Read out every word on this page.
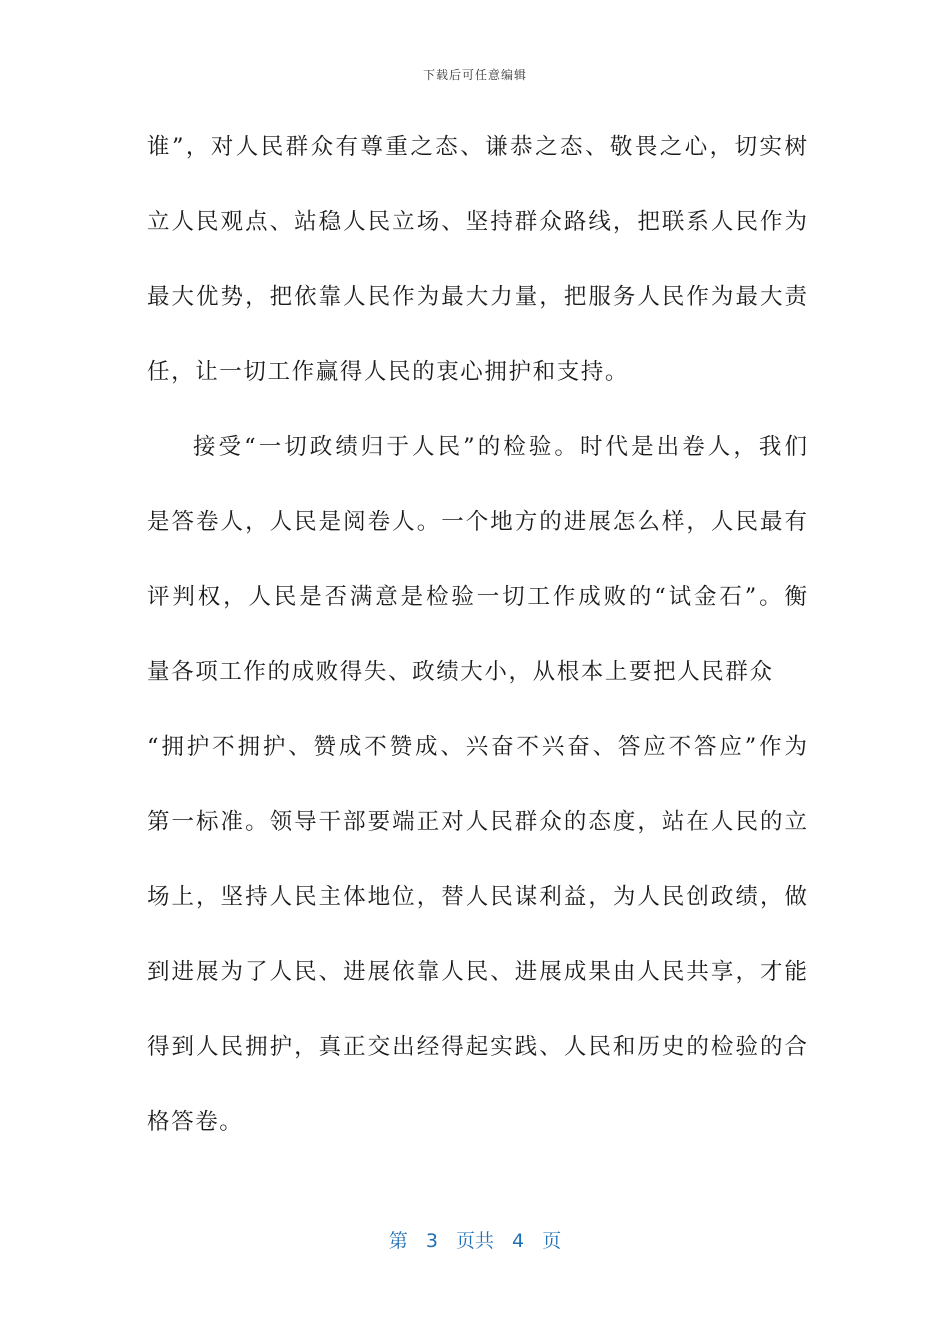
下载后可任意编辑
谁”，对人民群众有尊重之态、谦恭之态、敬畏之心，切实树
立人民观点、站稳人民立场、坚持群众路线，把联系人民作为
最大优势，把依靠人民作为最大力量，把服务人民作为最大责
任，让一切工作赢得人民的衷心拥护和支持。
接受“一切政绩归于人民”的检验。时代是出卷人，我们
是答卷人，人民是阅卷人。一个地方的进展怎么样，人民最有
评判权，人民是否满意是检验一切工作成败的“试金石”。衡
量各项工作的成败得失、政绩大小，从根本上要把人民群众
“拥护不拥护、赞成不赞成、兴奋不兴奋、答应不答应”作为
第一标准。领导干部要端正对人民群众的态度，站在人民的立
场上，坚持人民主体地位，替人民谋利益，为人民创政绩，做
到进展为了人民、进展依靠人民、进展成果由人民共享，才能
得到人民拥护，真正交出经得起实践、人民和历史的检验的合
格答卷。
第 3 页共 4 页
